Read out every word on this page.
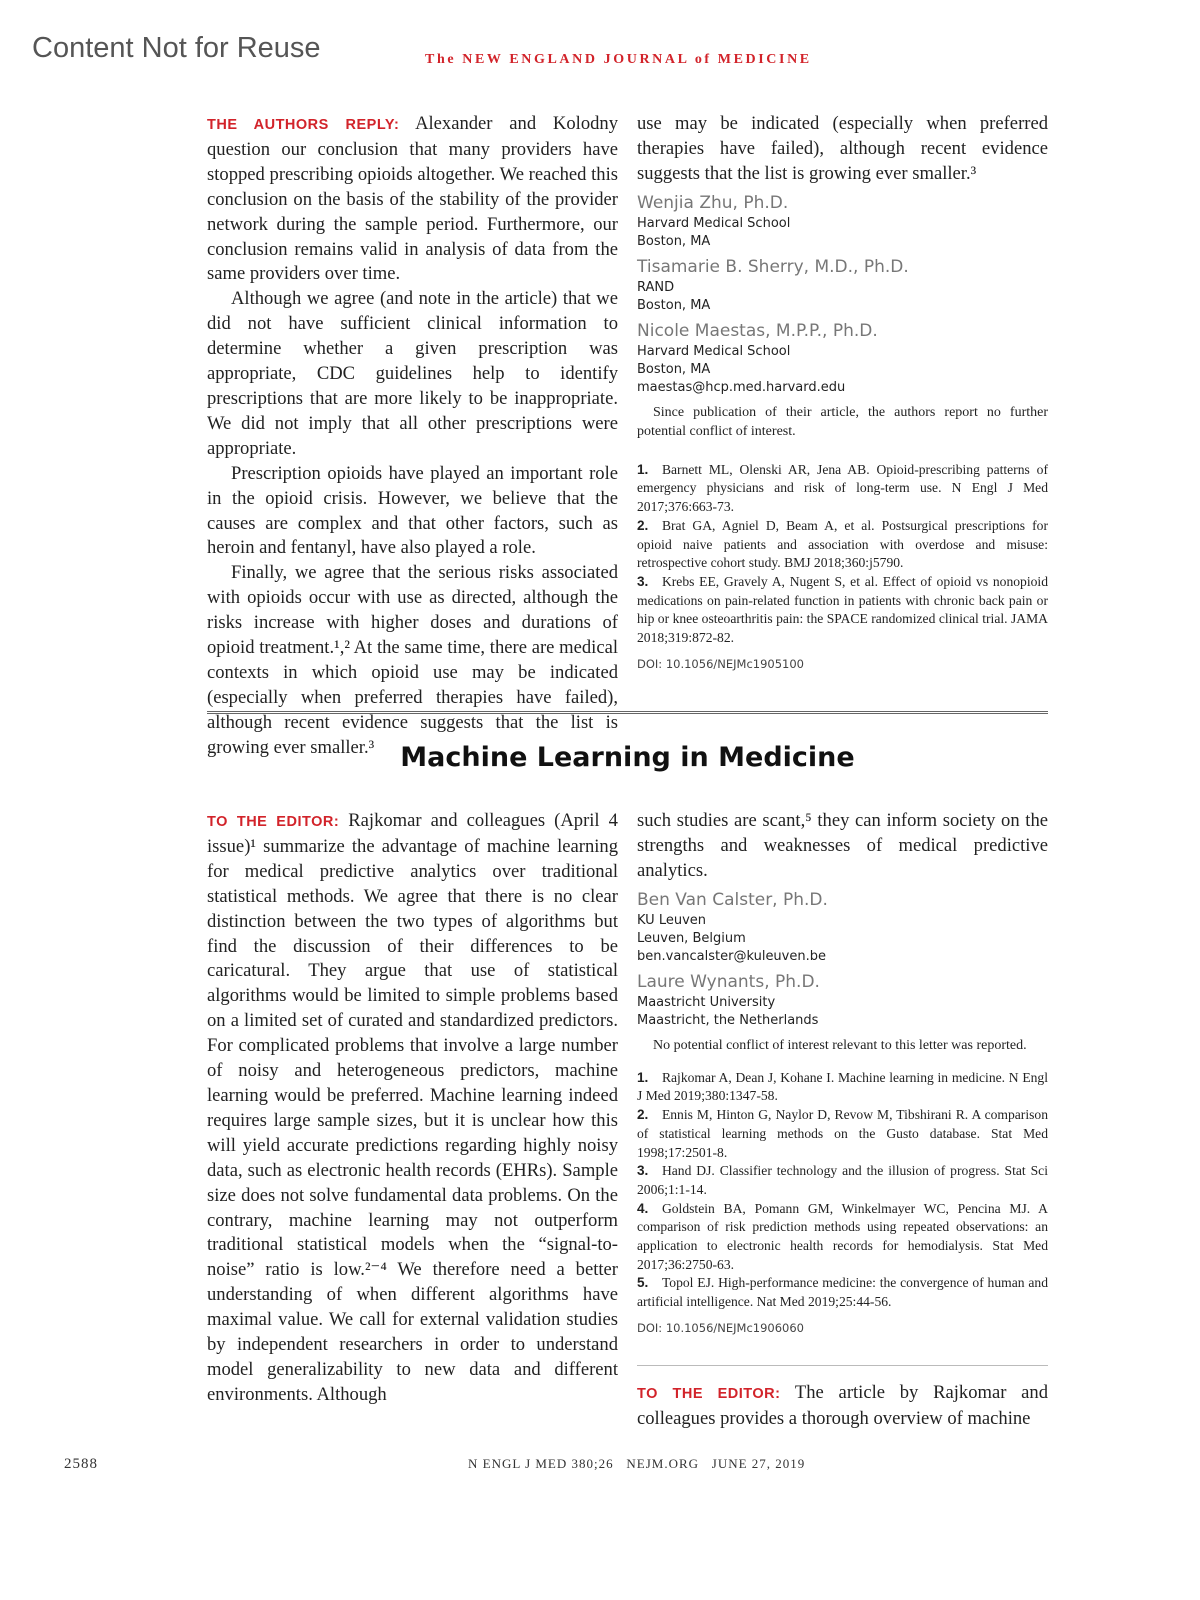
Content Not for Reuse	The NEW ENGLAND JOURNAL of MEDICINE

THE AUTHORS REPLY: Alexander and Kolodny question our conclusion that many providers have stopped prescribing opioids altogether. We reached this conclusion on the basis of the stability of the provider network during the sample period. Furthermore, our conclusion remains valid in analysis of data from the same providers over time.

Although we agree (and note in the article) that we did not have sufficient clinical information to determine whether a given prescription was appropriate, CDC guidelines help to identify prescriptions that are more likely to be inappropriate. We did not imply that all other prescriptions were appropriate.

Prescription opioids have played an important role in the opioid crisis. However, we believe that the causes are complex and that other factors, such as heroin and fentanyl, have also played a role.

Finally, we agree that the serious risks associated with opioids occur with use as directed, although the risks increase with higher doses and durations of opioid treatment.¹,² At the same time, there are medical contexts in which opioid use may be indicated (especially when preferred therapies have failed), although recent evidence suggests that the list is growing ever smaller.³

use may be indicated (especially when preferred therapies have failed), although recent evidence suggests that the list is growing ever smaller.³

Wenjia Zhu, Ph.D.
Harvard Medical School
Boston, MA
Tisamarie B. Sherry, M.D., Ph.D.
RAND
Boston, MA
Nicole Maestas, M.P.P., Ph.D.
Harvard Medical School
Boston, MA
maestas@hcp.med.harvard.edu

Since publication of their article, the authors report no further potential conflict of interest.

1.  Barnett ML, Olenski AR, Jena AB. Opioid-prescribing patterns of emergency physicians and risk of long-term use. N Engl J Med 2017;376:663-73.

2.  Brat GA, Agniel D, Beam A, et al. Postsurgical prescriptions for opioid naive patients and association with overdose and misuse: retrospective cohort study. BMJ 2018;360:j5790.

3.  Krebs EE, Gravely A, Nugent S, et al. Effect of opioid vs nonopioid medications on pain-related function in patients with chronic back pain or hip or knee osteoarthritis pain: the SPACE randomized clinical trial. JAMA 2018;319:872-82.

DOI: 10.1056/NEJMc1905100

Machine Learning in Medicine

TO THE EDITOR: Rajkomar and colleagues (April 4 issue)¹ summarize the advantage of machine learning for medical predictive analytics over traditional statistical methods. We agree that there is no clear distinction between the two types of algorithms but find the discussion of their differences to be caricatural. They argue that use of statistical algorithms would be limited to simple problems based on a limited set of curated and standardized predictors. For complicated problems that involve a large number of noisy and heterogeneous predictors, machine learning would be preferred. Machine learning indeed requires large sample sizes, but it is unclear how this will yield accurate predictions regarding highly noisy data, such as electronic health records (EHRs). Sample size does not solve fundamental data problems. On the contrary, machine learning may not outperform traditional statistical models when the “signal-to-noise” ratio is low.²⁻⁴ We therefore need a better understanding of when different algorithms have maximal value. We call for external validation studies by independent researchers in order to understand model generalizability to new data and different environments. Although

such studies are scant,⁵ they can inform society on the strengths and weaknesses of medical predictive analytics.

Ben Van Calster, Ph.D.
KU Leuven
Leuven, Belgium
ben.vancalster@kuleuven.be
Laure Wynants, Ph.D.
Maastricht University
Maastricht, the Netherlands

No potential conflict of interest relevant to this letter was reported.

1.  Rajkomar A, Dean J, Kohane I. Machine learning in medicine. N Engl J Med 2019;380:1347-58.

2.  Ennis M, Hinton G, Naylor D, Revow M, Tibshirani R. A comparison of statistical learning methods on the Gusto database. Stat Med 1998;17:2501-8.

3.  Hand DJ. Classifier technology and the illusion of progress. Stat Sci 2006;1:1-14.

4.  Goldstein BA, Pomann GM, Winkelmayer WC, Pencina MJ. A comparison of risk prediction methods using repeated observations: an application to electronic health records for hemodialysis. Stat Med 2017;36:2750-63.

5.  Topol EJ. High-performance medicine: the convergence of human and artificial intelligence. Nat Med 2019;25:44-56.

DOI: 10.1056/NEJMc1906060

TO THE EDITOR: The article by Rajkomar and colleagues provides a thorough overview of machine

2588	N ENGL J MED 380;26 NEJM.ORG JUNE 27, 2019
